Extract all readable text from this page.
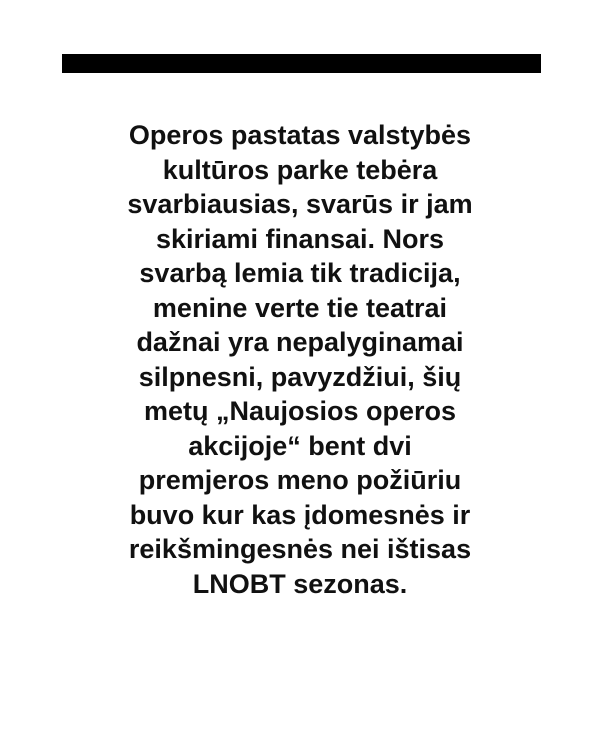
Operos pastatas valstybės
kultūros parke tebėra
svarbiausias, svarūs ir jam
skiriami finansai. Nors
svarbą lemia tik tradicija,
menine verte tie teatrai
dažnai yra nepalyginamai
silpnesni, pavyzdžiui, šių
metų „Naujosios operos
akcijoje“ bent dvi
premjeros meno požiūriu
buvo kur kas įdomesnės ir
reikšmingesnės nei ištisas
LNOBT sezonas.
